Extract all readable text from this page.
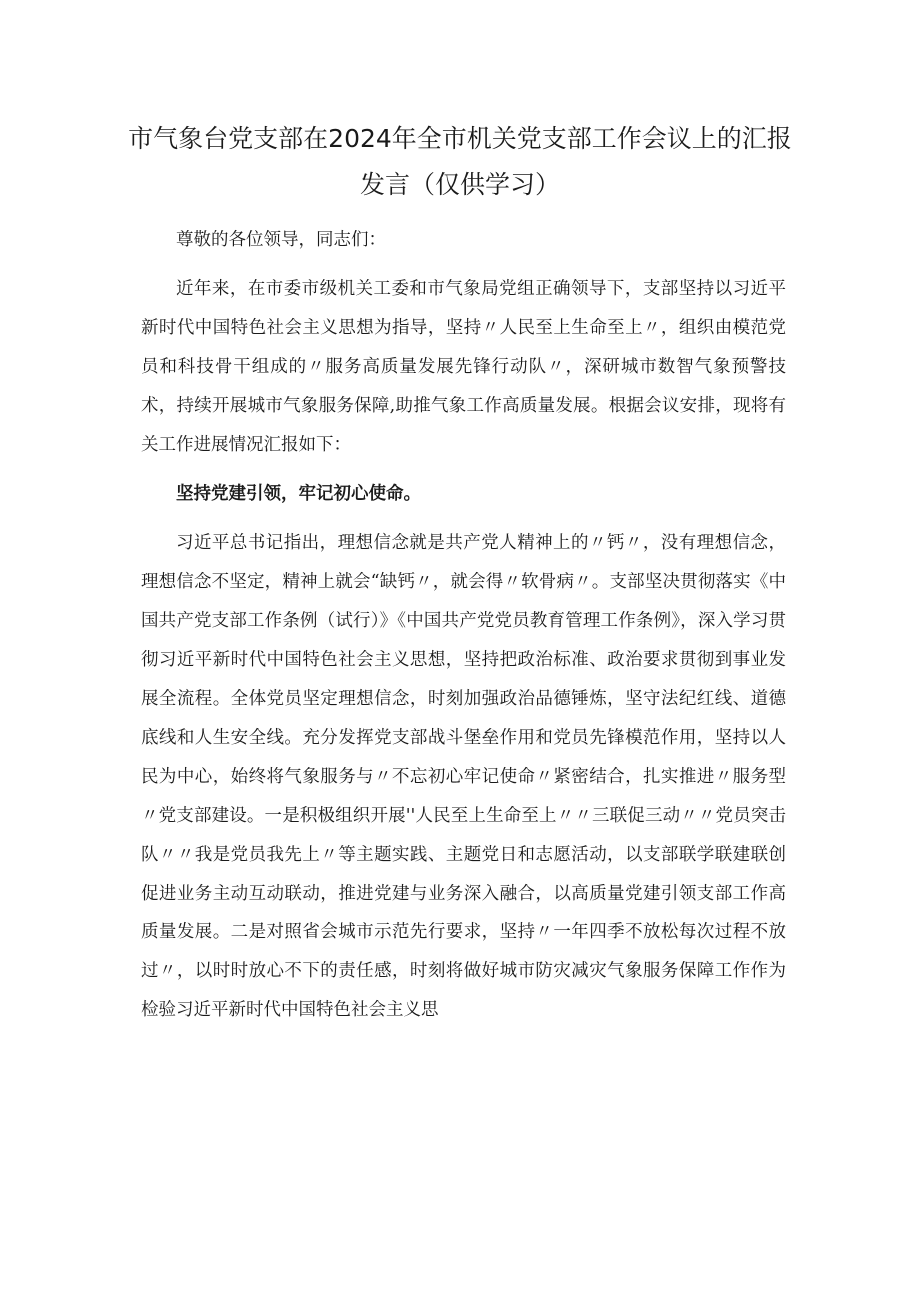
市气象台党支部在2024年全市机关党支部工作会议上的汇报发言（仅供学习）

尊敬的各位领导，同志们：

近年来，在市委市级机关工委和市气象局党组正确领导下，支部坚持以习近平新时代中国特色社会主义思想为指导，坚持〃人民至上生命至上〃，组织由模范党员和科技骨干组成的〃服务高质量发展先锋行动队〃，深研城市数智气象预警技术，持续开展城市气象服务保障,助推气象工作高质量发展。根据会议安排，现将有关工作进展情况汇报如下：

坚持党建引领，牢记初心使命。

习近平总书记指出，理想信念就是共产党人精神上的〃钙〃，没有理想信念，理想信念不坚定，精神上就会“缺钙〃，就会得〃软骨病〃。支部坚决贯彻落实《中国共产党支部工作条例（试行）》《中国共产党党员教育管理工作条例》，深入学习贯彻习近平新时代中国特色社会主义思想，坚持把政治标准、政治要求贯彻到事业发展全流程。全体党员坚定理想信念，时刻加强政治品德锤炼，坚守法纪红线、道德底线和人生安全线。充分发挥党支部战斗堡垒作用和党员先锋模范作用，坚持以人民为中心，始终将气象服务与〃不忘初心牢记使命〃紧密结合，扎实推进〃服务型〃党支部建设。一是积极组织开展''人民至上生命至上〃〃三联促三动〃〃党员突击队〃〃我是党员我先上〃等主题实践、主题党日和志愿活动，以支部联学联建联创促进业务主动互动联动，推进党建与业务深入融合，以高质量党建引领支部工作高质量发展。二是对照省会城市示范先行要求，坚持〃一年四季不放松每次过程不放过〃，以时时放心不下的责任感，时刻将做好城市防灾减灾气象服务保障工作作为检验习近平新时代中国特色社会主义思
